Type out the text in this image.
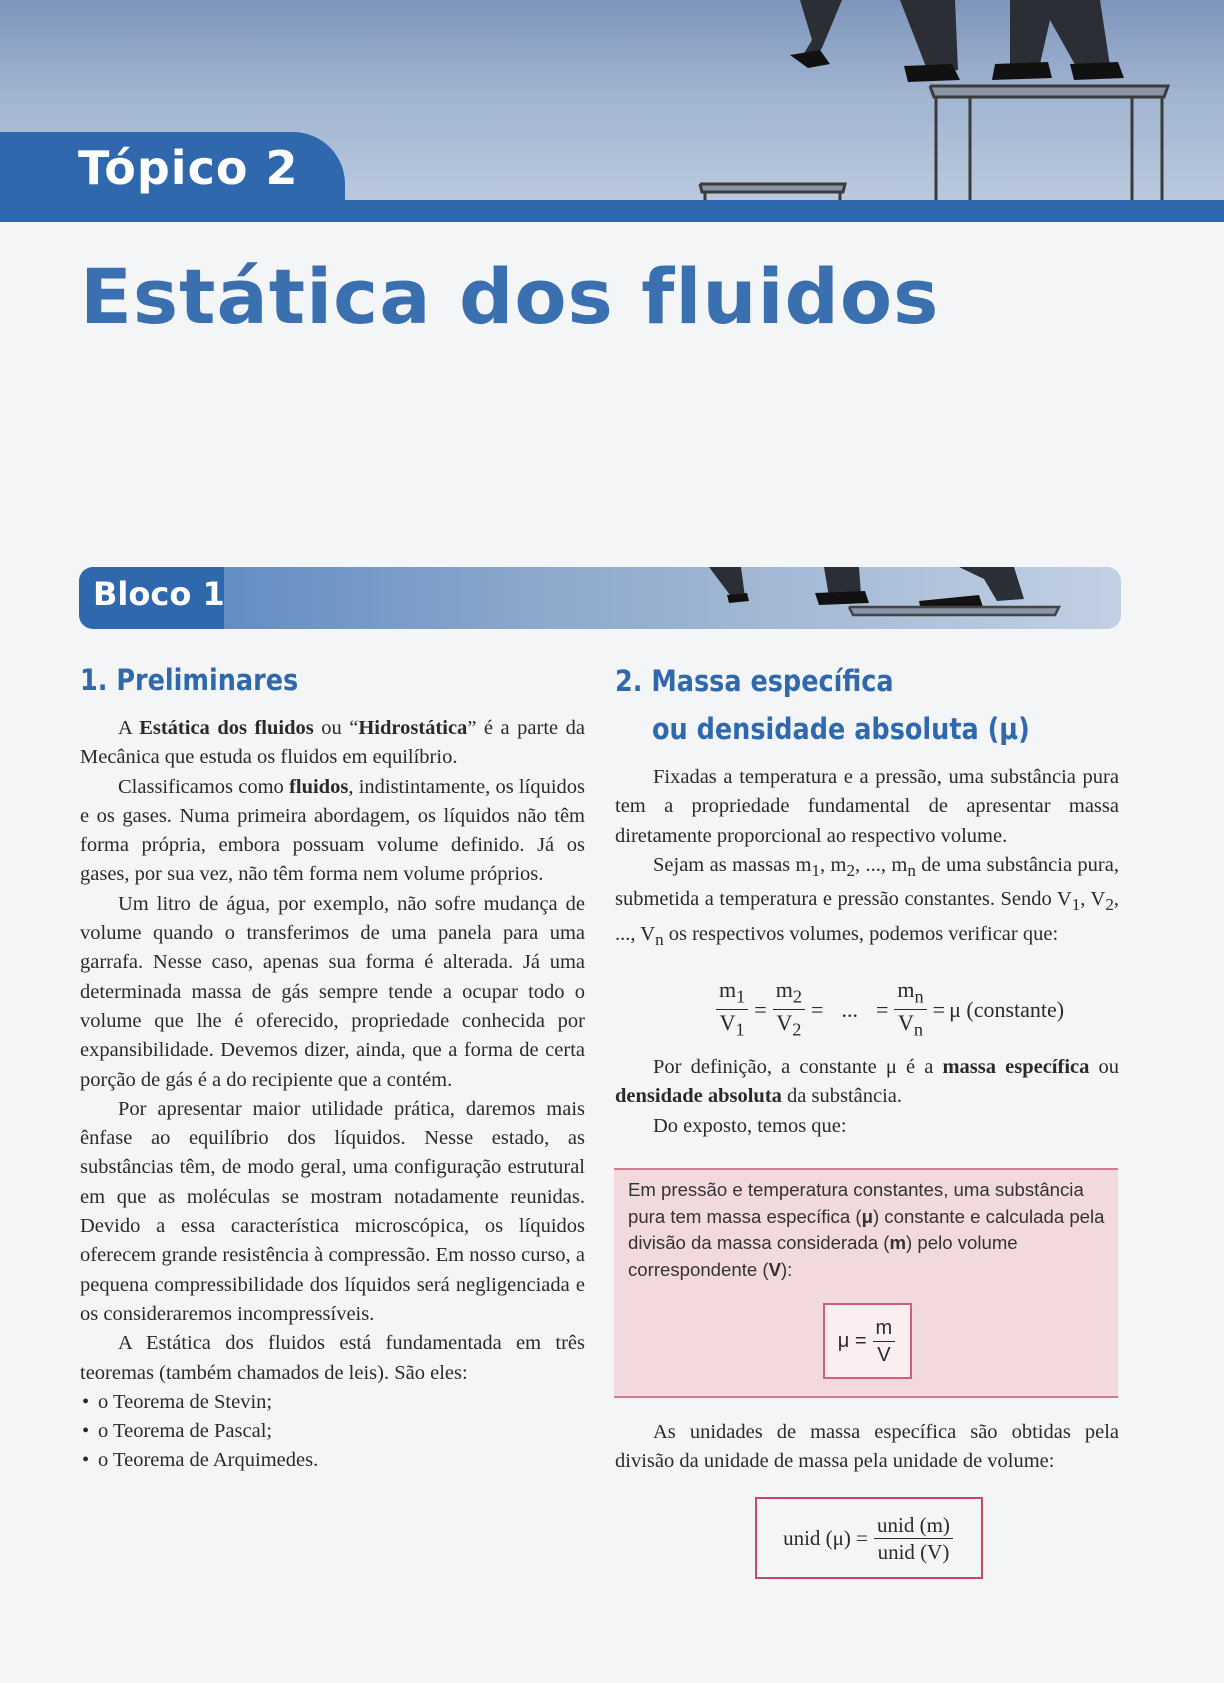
Tópico 2
Estática dos fluidos
Bloco 1
1. Preliminares

A Estática dos fluidos ou “Hidrostática” é a parte da Mecânica que estuda os fluidos em equilíbrio.

Classificamos como fluidos, indistintamente, os líquidos e os gases. Numa primeira abordagem, os líquidos não têm forma própria, embora possuam volume definido. Já os gases, por sua vez, não têm forma nem volume próprios.

Um litro de água, por exemplo, não sofre mudança de volume quando o transferimos de uma panela para uma garrafa. Nesse caso, apenas sua forma é alterada. Já uma determinada massa de gás sempre tende a ocupar todo o volume que lhe é oferecido, propriedade conhecida por expansibilidade. Devemos dizer, ainda, que a forma de certa porção de gás é a do recipiente que a contém.

Por apresentar maior utilidade prática, daremos mais ênfase ao equilíbrio dos líquidos. Nesse estado, as substâncias têm, de modo geral, uma configuração estrutural em que as moléculas se mostram notadamente reunidas. Devido a essa característica microscópica, os líquidos oferecem grande resistência à compressão. Em nosso curso, a pequena compressibilidade dos líquidos será negligenciada e os consideraremos incompressíveis.

A Estática dos fluidos está fundamentada em três teoremas (também chamados de leis). São eles:

• o Teorema de Stevin;
• o Teorema de Pascal;
• o Teorema de Arquimedes.
2. Massa específica
ou densidade absoluta (μ)

Fixadas a temperatura e a pressão, uma substância pura tem a propriedade fundamental de apresentar massa diretamente proporcional ao respectivo volume.

Sejam as massas $m_1$, $m_2$, ..., $m_n$ de uma substância pura, submetida a temperatura e pressão constantes. Sendo $V_1$, $V_2$, ..., $V_n$ os respectivos volumes, podemos verificar que:

$\frac{m_1}{V_1} = \frac{m_2}{V_2}$ = ... = $\frac{m_n}{V_n} = \mu$ (constante)

Por definição, a constante μ é a massa específica ou densidade absoluta da substância.

Do exposto, temos que:

Em pressão e temperatura constantes, uma substância pura tem massa específica (μ) constante e calculada pela divisão da massa considerada (m) pelo volume correspondente (V):

$\mu = \frac{m}{V}$

As unidades de massa específica são obtidas pela divisão da unidade de massa pela unidade de volume:

unid $(\mu) = \frac{\text{unid (m)}}{\text{unid (V)}}$
